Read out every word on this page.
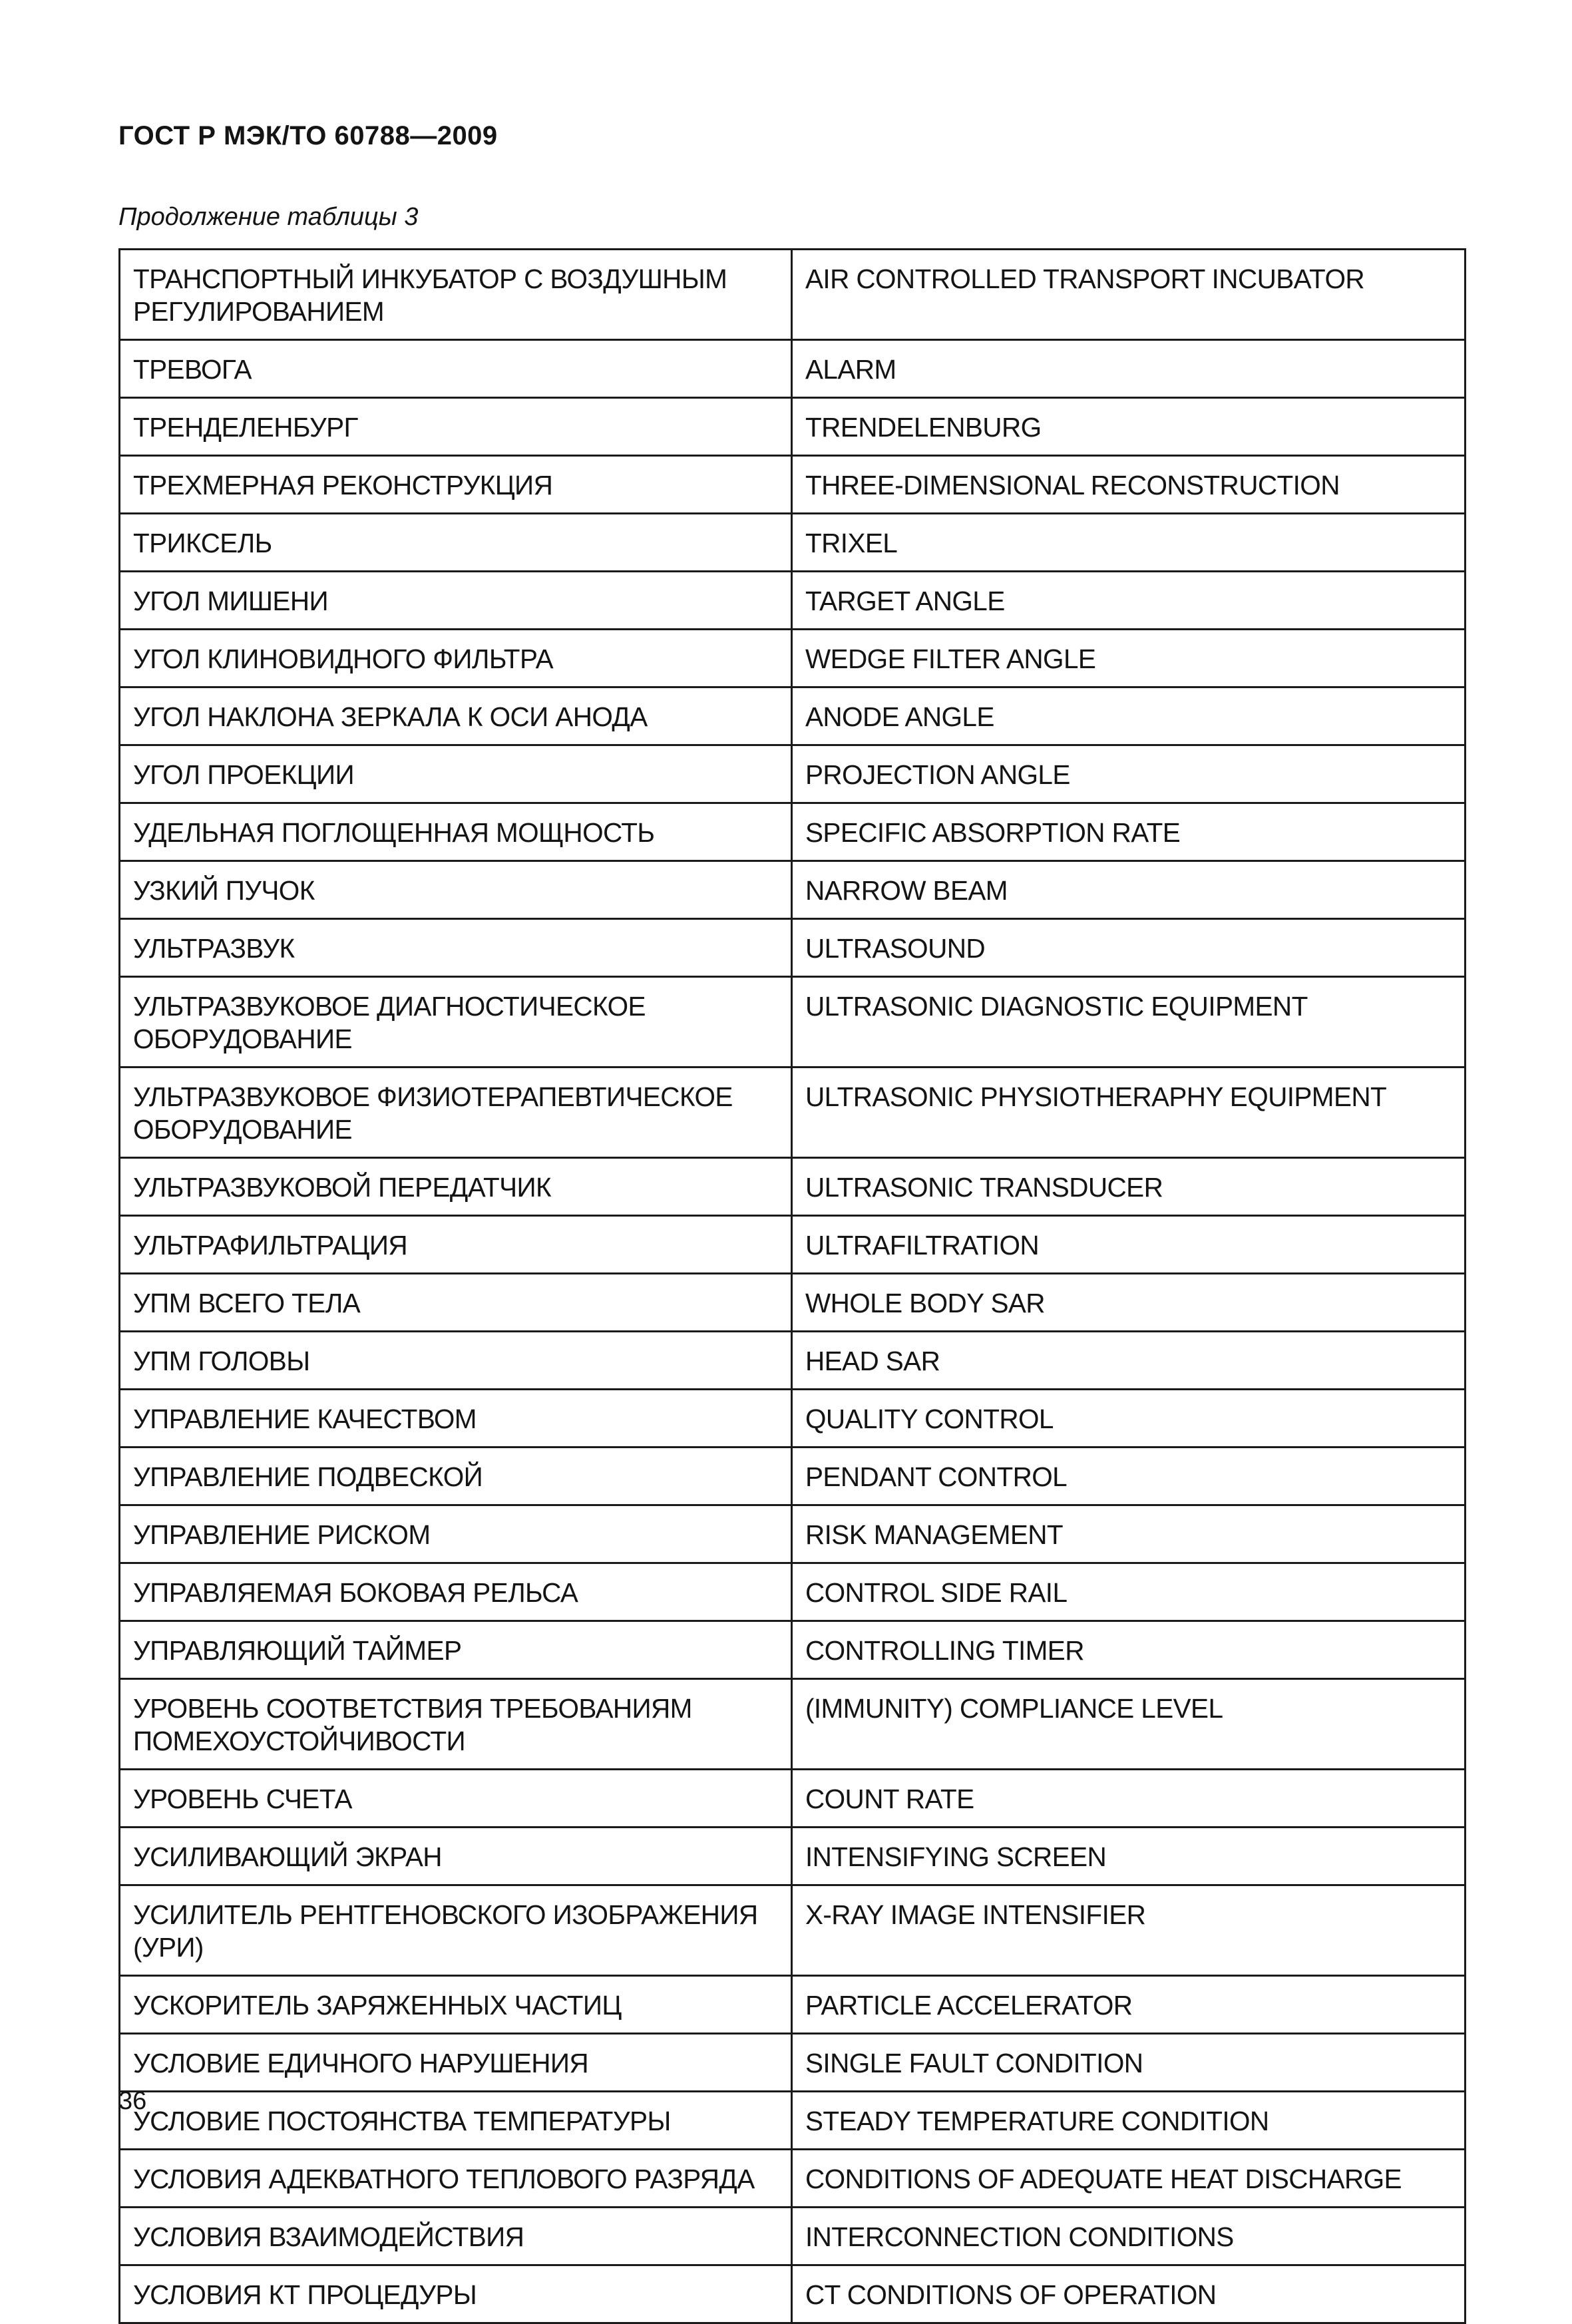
ГОСТ Р МЭК/ТО 60788—2009
Продолжение таблицы 3
ТРАНСПОРТНЫЙ ИНКУБАТОР С ВОЗДУШНЫМ РЕГУЛИРОВАНИЕМ	AIR CONTROLLED TRANSPORT INCUBATOR
ТРЕВОГА	ALARM
ТРЕНДЕЛЕНБУРГ	TRENDELENBURG
ТРЕХМЕРНАЯ РЕКОНСТРУКЦИЯ	THREE-DIMENSIONAL RECONSTRUCTION
ТРИКСЕЛЬ	TRIXEL
УГОЛ МИШЕНИ	TARGET ANGLE
УГОЛ КЛИНОВИДНОГО ФИЛЬТРА	WEDGE FILTER ANGLE
УГОЛ НАКЛОНА ЗЕРКАЛА К ОСИ АНОДА	ANODE ANGLE
УГОЛ ПРОЕКЦИИ	PROJECTION ANGLE
УДЕЛЬНАЯ ПОГЛОЩЕННАЯ МОЩНОСТЬ	SPECIFIC ABSORPTION RATE
УЗКИЙ ПУЧОК	NARROW BEAM
УЛЬТРАЗВУК	ULTRASOUND
УЛЬТРАЗВУКОВОЕ ДИАГНОСТИЧЕСКОЕ ОБОРУДОВАНИЕ	ULTRASONIC DIAGNOSTIC EQUIPMENT
УЛЬТРАЗВУКОВОЕ ФИЗИОТЕРАПЕВТИЧЕСКОЕ ОБОРУДОВАНИЕ	ULTRASONIC PHYSIOTHERAPHY EQUIPMENT
УЛЬТРАЗВУКОВОЙ ПЕРЕДАТЧИК	ULTRASONIC TRANSDUCER
УЛЬТРАФИЛЬТРАЦИЯ	ULTRAFILTRATION
УПМ ВСЕГО ТЕЛА	WHOLE BODY SAR
УПМ ГОЛОВЫ	HEAD SAR
УПРАВЛЕНИЕ КАЧЕСТВОМ	QUALITY CONTROL
УПРАВЛЕНИЕ ПОДВЕСКОЙ	PENDANT CONTROL
УПРАВЛЕНИЕ РИСКОМ	RISK MANAGEMENT
УПРАВЛЯЕМАЯ БОКОВАЯ РЕЛЬСА	CONTROL SIDE RAIL
УПРАВЛЯЮЩИЙ ТАЙМЕР	CONTROLLING TIMER
УРОВЕНЬ СООТВЕТСТВИЯ ТРЕБОВАНИЯМ ПОМЕХОУСТОЙЧИВОСТИ	(IMMUNITY) COMPLIANCE LEVEL
УРОВЕНЬ СЧЕТА	COUNT RATE
УСИЛИВАЮЩИЙ ЭКРАН	INTENSIFYING SCREEN
УСИЛИТЕЛЬ РЕНТГЕНОВСКОГО ИЗОБРАЖЕНИЯ (УРИ)	X-RAY IMAGE INTENSIFIER
УСКОРИТЕЛЬ ЗАРЯЖЕННЫХ ЧАСТИЦ	PARTICLE ACCELERATOR
УСЛОВИЕ ЕДИЧНОГО НАРУШЕНИЯ	SINGLE FAULT CONDITION
УСЛОВИЕ ПОСТОЯНСТВА ТЕМПЕРАТУРЫ	STEADY TEMPERATURE CONDITION
УСЛОВИЯ АДЕКВАТНОГО ТЕПЛОВОГО РАЗРЯДА	CONDITIONS OF ADEQUATE HEAT DISCHARGE
УСЛОВИЯ ВЗАИМОДЕЙСТВИЯ	INTERCONNECTION CONDITIONS
УСЛОВИЯ КТ ПРОЦЕДУРЫ	CT CONDITIONS OF OPERATION
36
